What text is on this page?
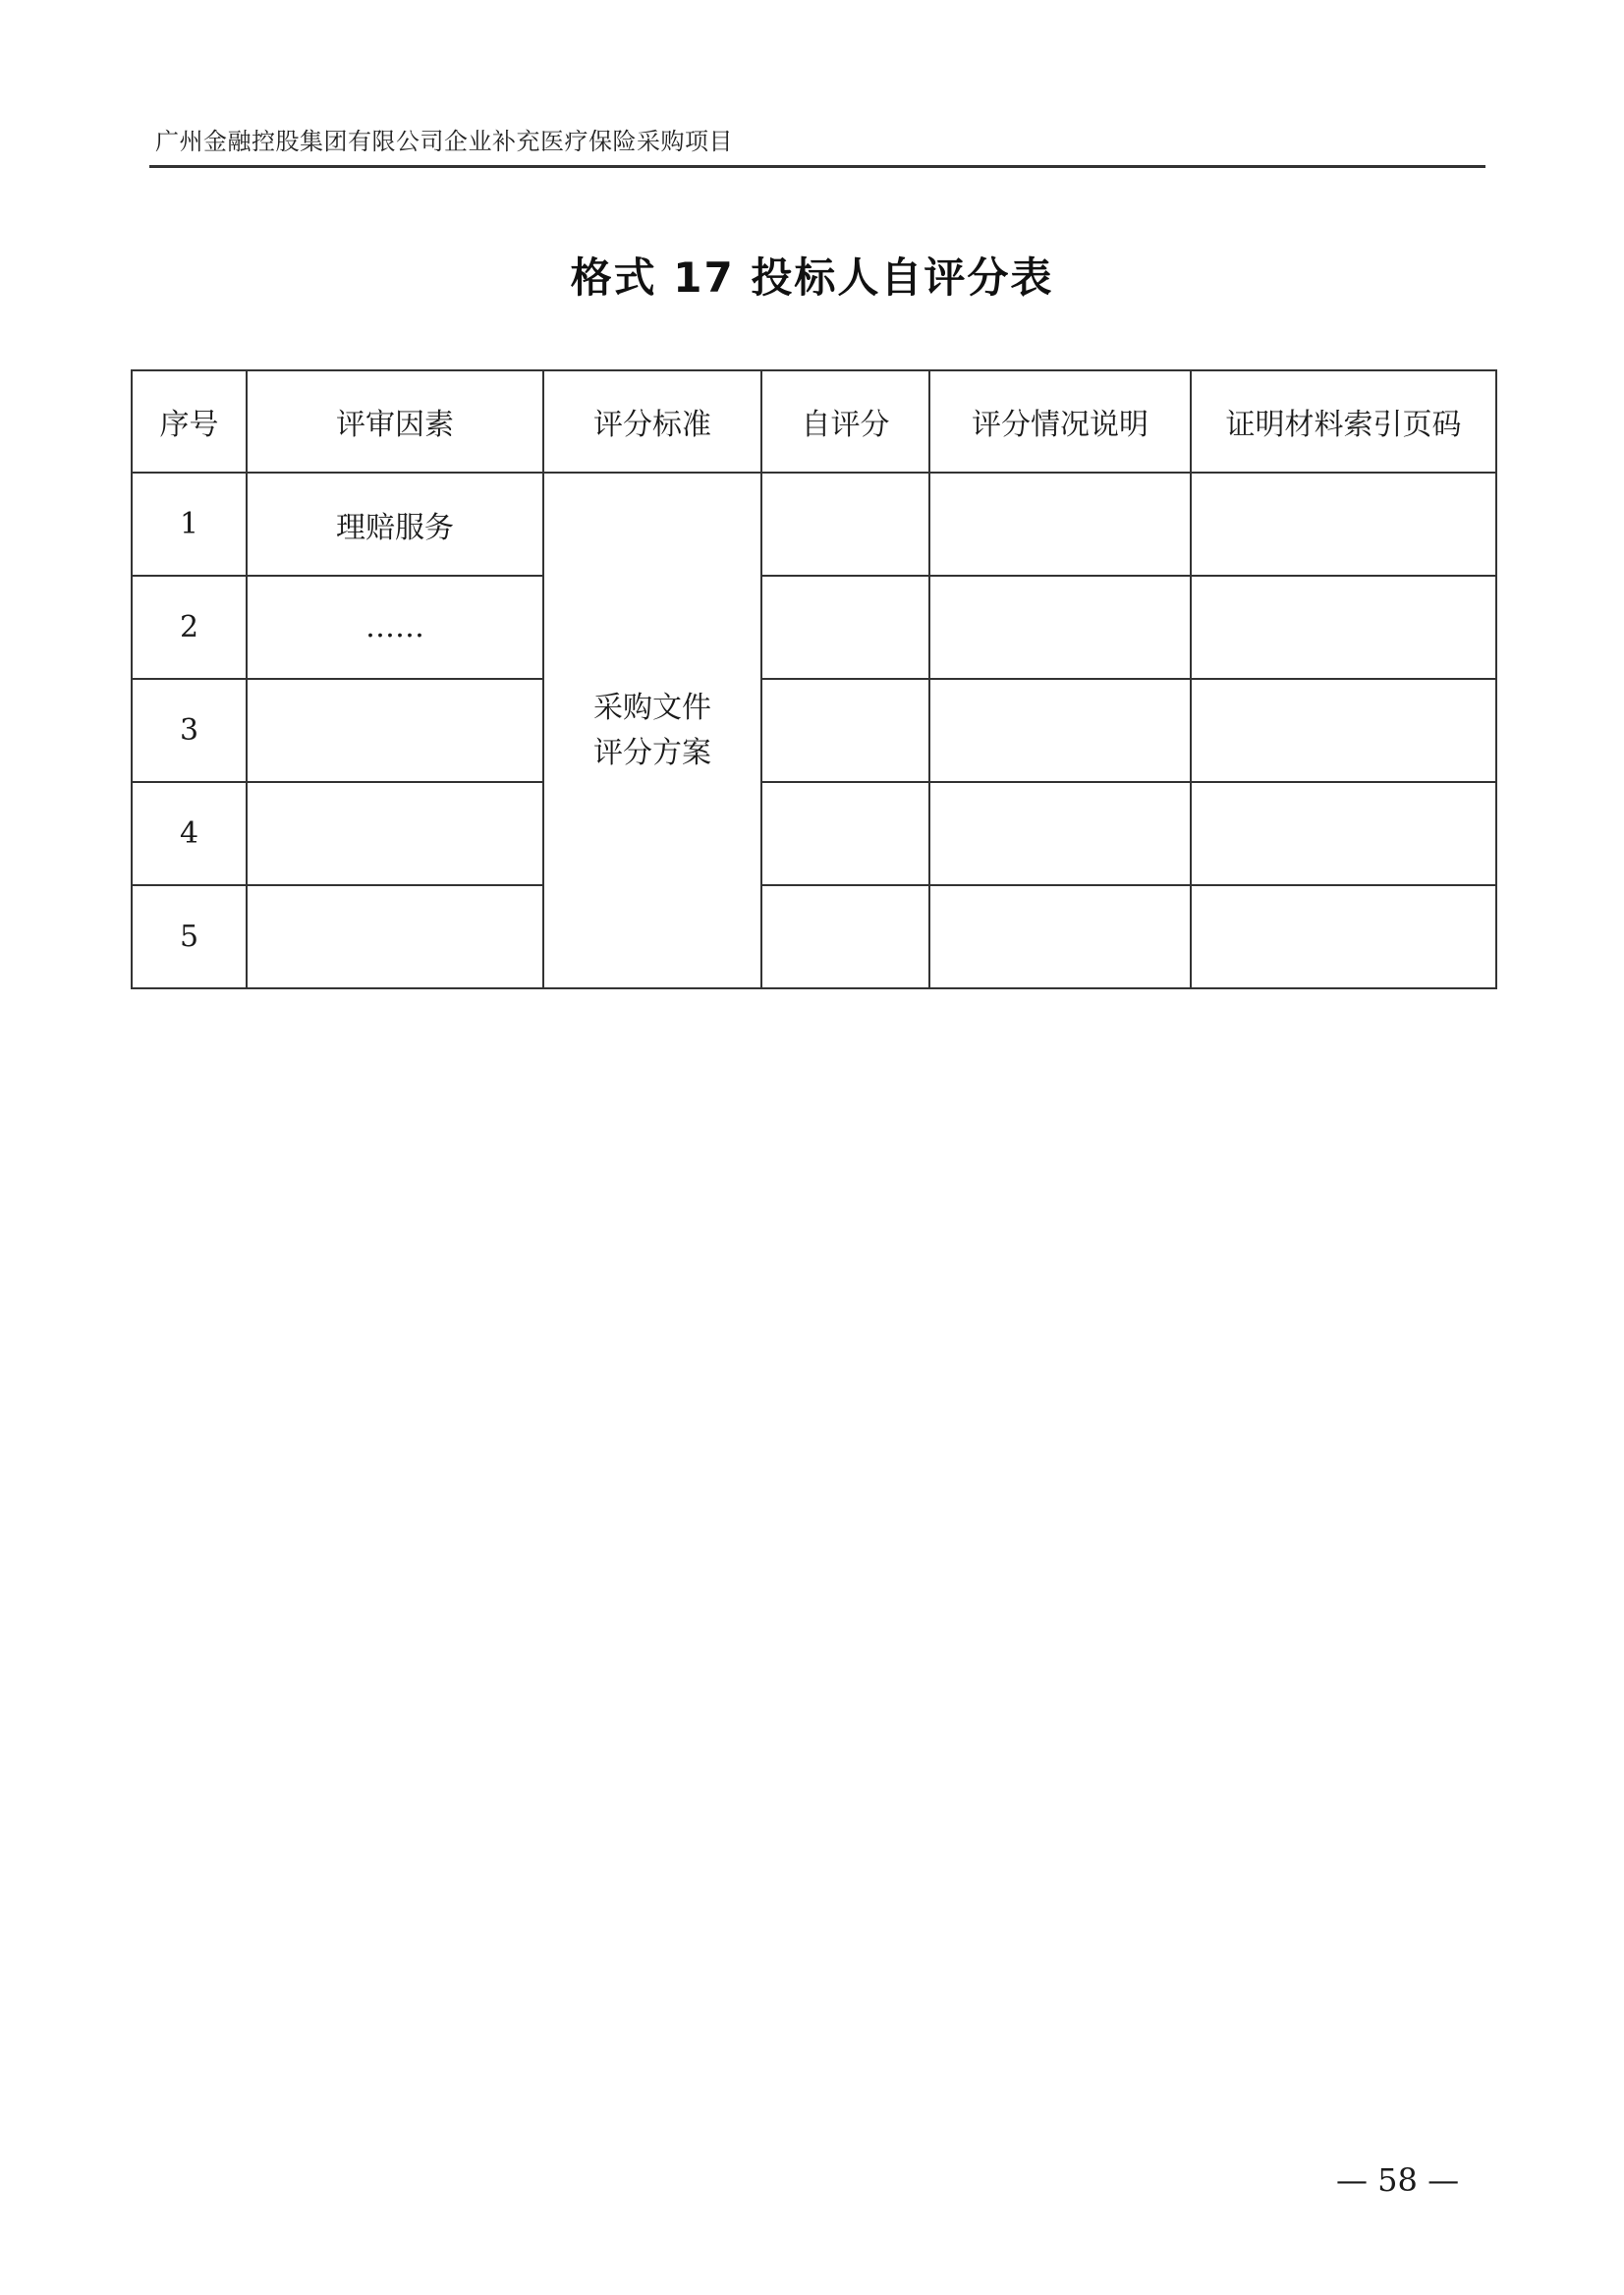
广州金融控股集团有限公司企业补充医疗保险采购项目
格式 17 投标人自评分表
序号	评审因素	评分标准	自评分	评分情况说明	证明材料索引页码
1	理赔服务	采购文件
评分方案			

2	……				
3					
4					
5					
— 58 —
